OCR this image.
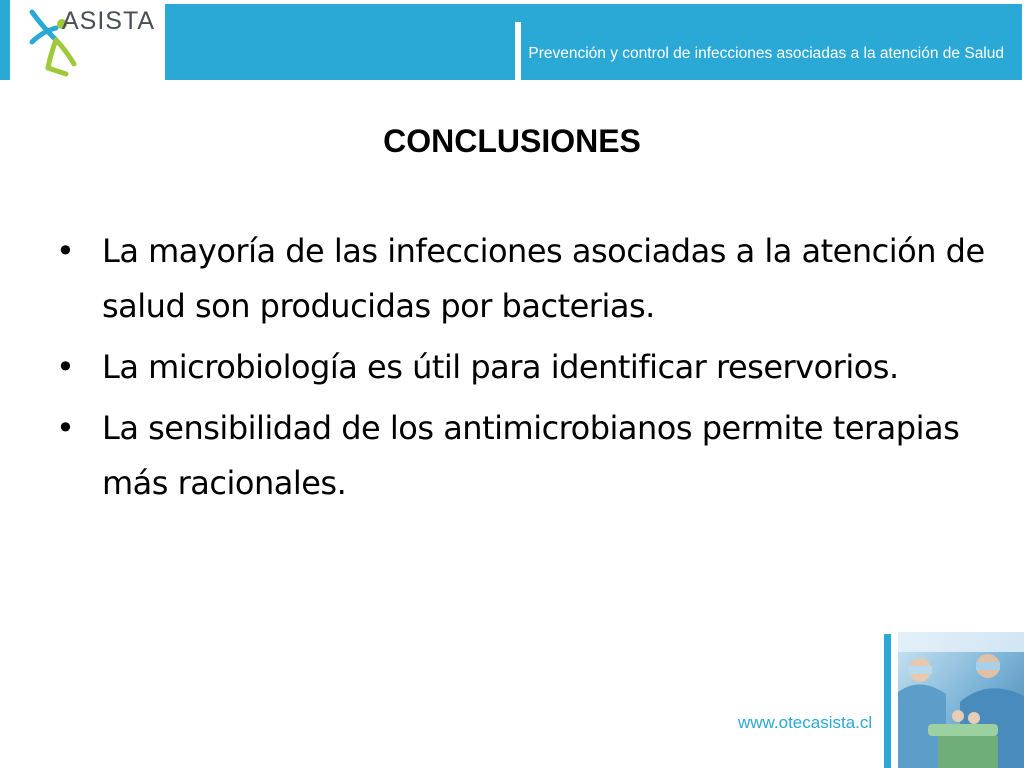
ASISTA
Prevención y control de infecciones asociadas a la atención de Salud
CONCLUSIONES
• La mayoría de las infecciones asociadas a la atención de salud son producidas por bacterias.
• La microbiología es útil para identificar reservorios.
• La sensibilidad de los antimicrobianos permite terapias más racionales.
www.otecasista.cl
